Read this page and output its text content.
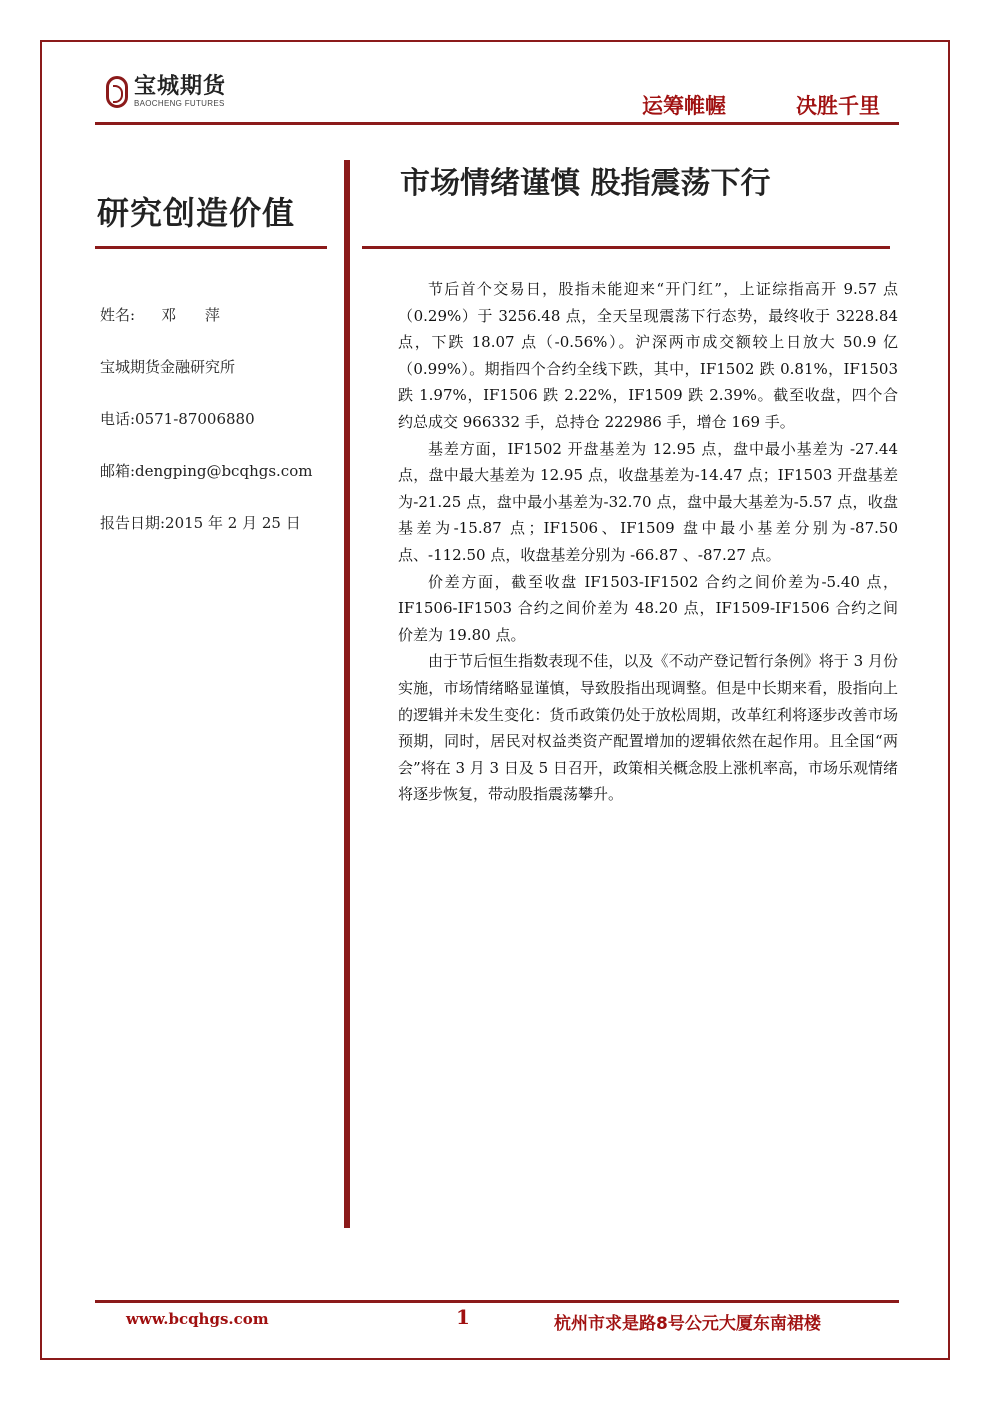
宝城期货
BAOCHENG FUTURES	运筹帷幄	决胜千里
研究创造价值
市场情绪谨慎 股指震荡下行
姓名: 邓 萍
宝城期货金融研究所
电话:0571-87006880
邮箱:dengping@bcqhgs.com
报告日期:2015 年 2 月 25 日

节后首个交易日，股指未能迎来“开门红”，上证综指高开 9.57 点（0.29%）于 3256.48 点，全天呈现震荡下行态势，最终收于 3228.84 点，下跌 18.07 点（-0.56%）。沪深两市成交额较上日放大 50.9 亿（0.99%）。期指四个合约全线下跌，其中，IF1502 跌 0.81%，IF1503 跌 1.97%，IF1506 跌 2.22%，IF1509 跌 2.39%。截至收盘，四个合约总成交 966332 手，总持仓 222986 手，增仓 169 手。

基差方面，IF1502 开盘基差为 12.95 点，盘中最小基差为 -27.44 点，盘中最大基差为 12.95 点，收盘基差为-14.47 点；IF1503 开盘基差为-21.25 点，盘中最小基差为-32.70 点，盘中最大基差为-5.57 点，收盘基差为-15.87 点；IF1506、IF1509 盘中最小基差分别为-87.50 点、-112.50 点，收盘基差分别为 -66.87 、-87.27 点。

价差方面，截至收盘 IF1503-IF1502 合约之间价差为-5.40 点，IF1506-IF1503 合约之间价差为 48.20 点，IF1509-IF1506 合约之间价差为 19.80 点。

由于节后恒生指数表现不佳，以及《不动产登记暂行条例》将于 3 月份实施，市场情绪略显谨慎，导致股指出现调整。但是中长期来看，股指向上的逻辑并未发生变化：货币政策仍处于放松周期，改革红利将逐步改善市场预期，同时，居民对权益类资产配置增加的逻辑依然在起作用。且全国“两会”将在 3 月 3 日及 5 日召开，政策相关概念股上涨机率高，市场乐观情绪将逐步恢复，带动股指震荡攀升。

www.bcqhgs.com	1	杭州市求是路8号公元大厦东南裙楼
